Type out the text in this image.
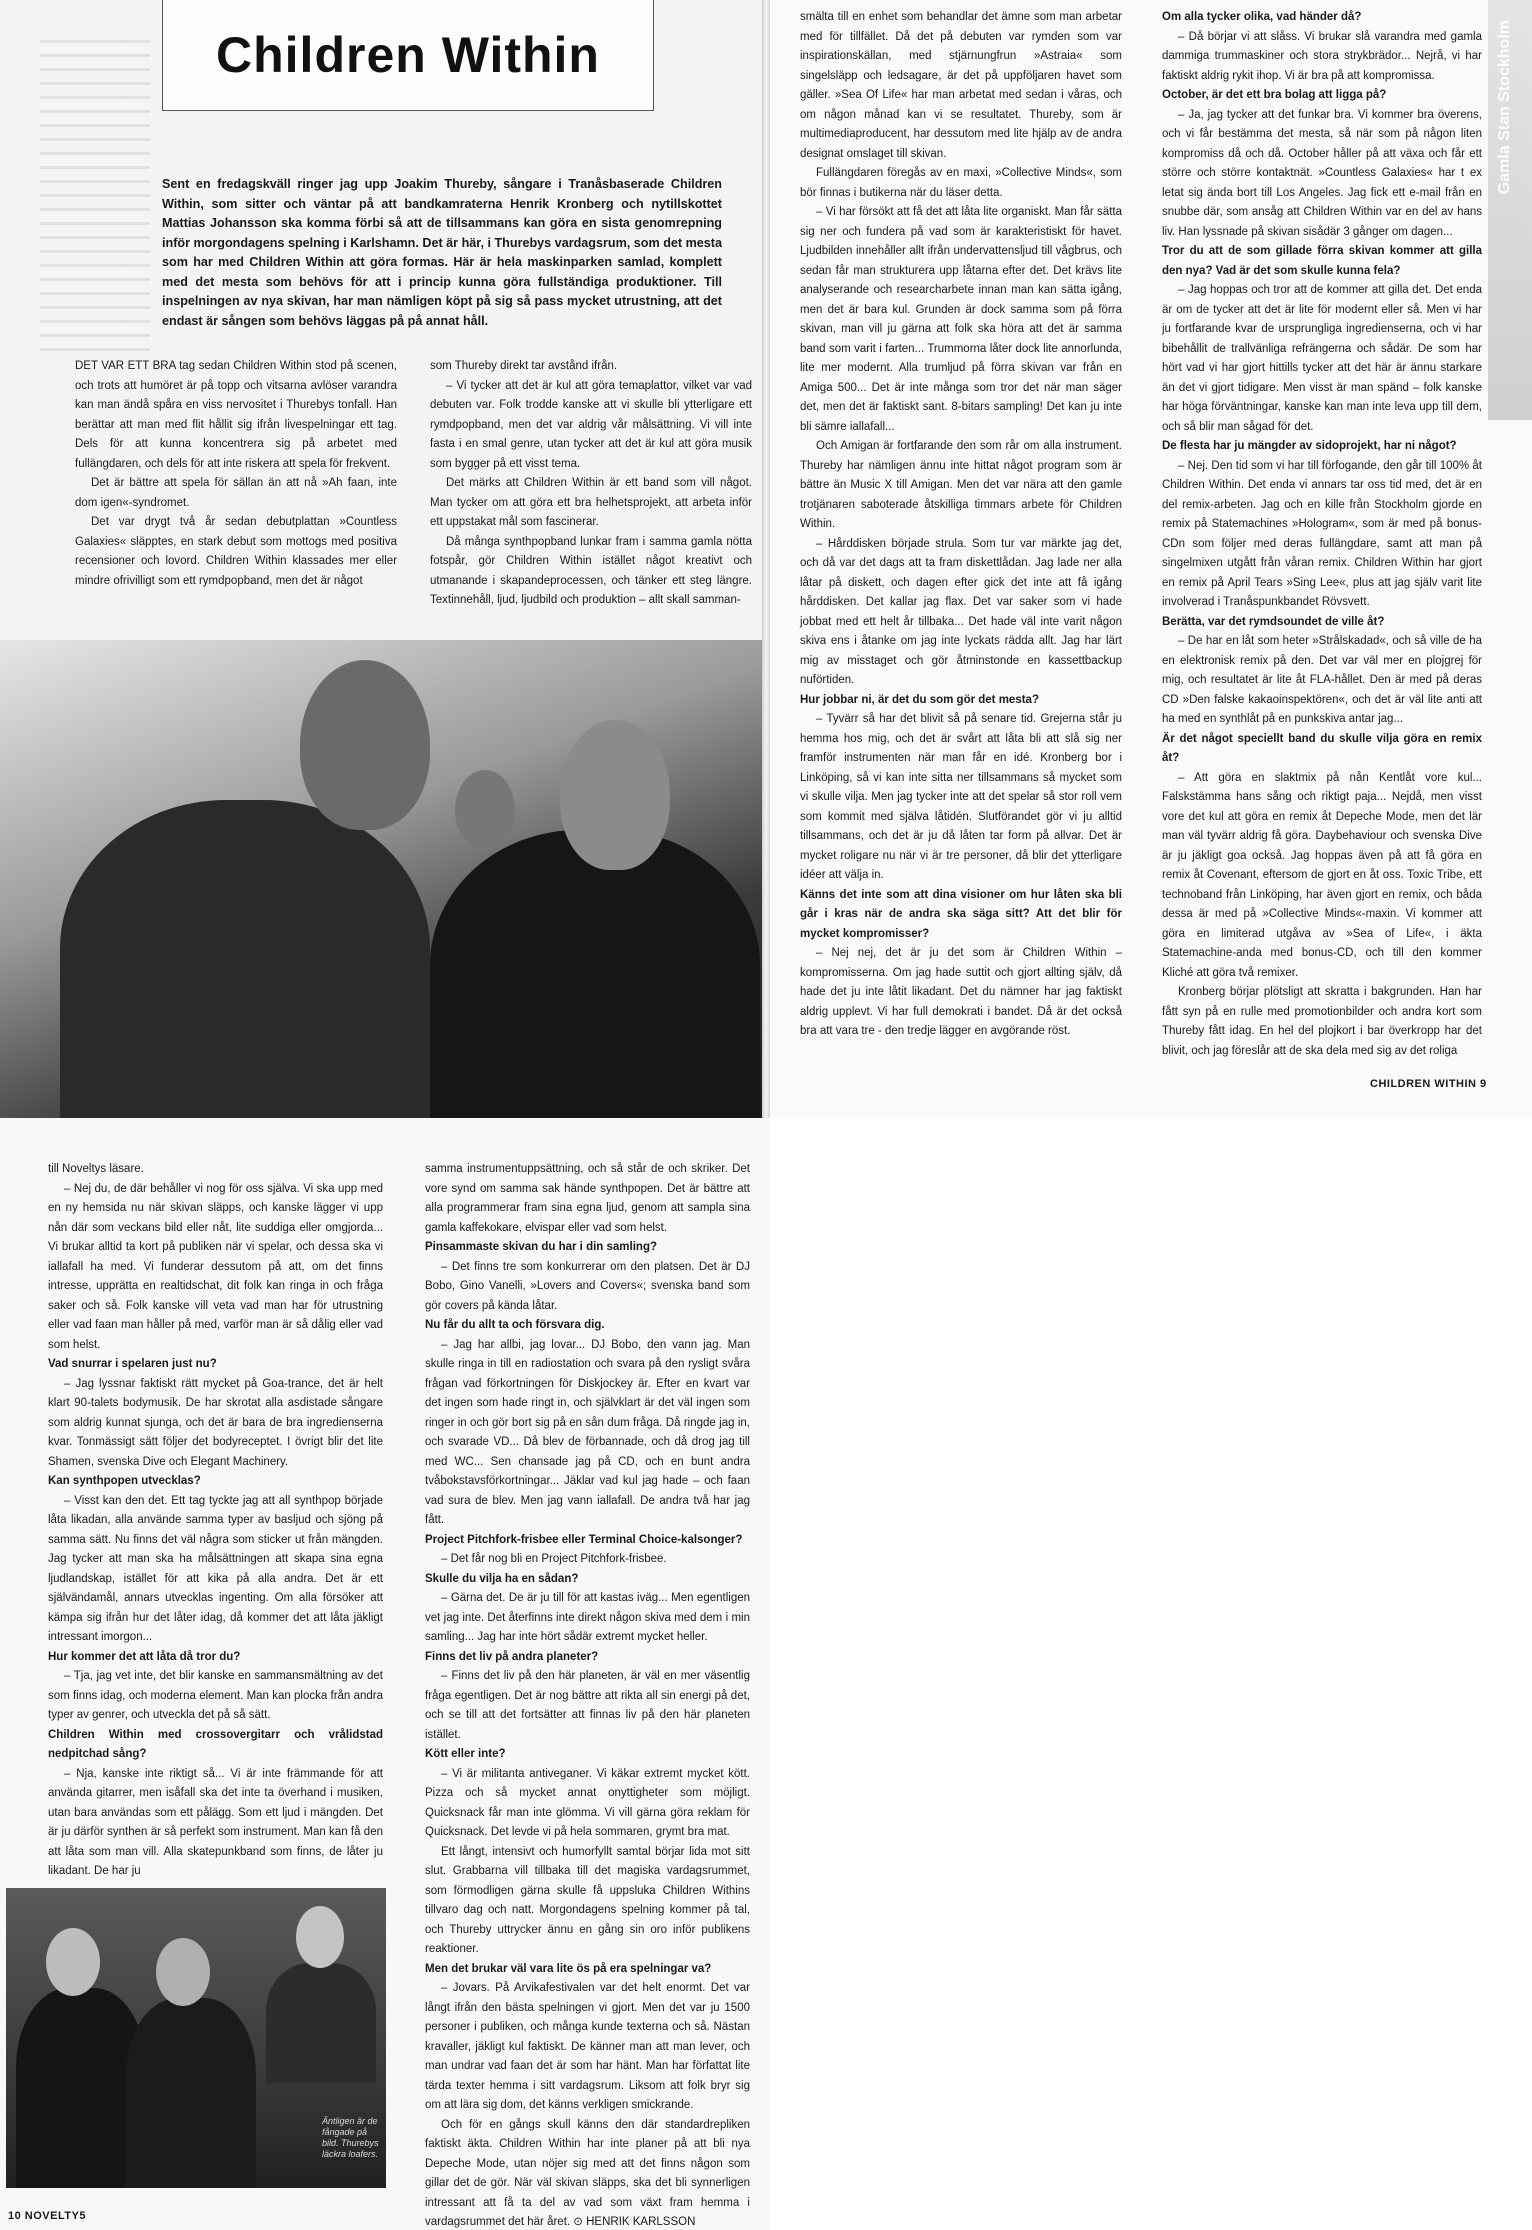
Children Within
Sent en fredagskväll ringer jag upp Joakim Thureby, sångare i Tranåsbaserade Children Within, som sitter och väntar på att bandkamraterna Henrik Kronberg och nytillskottet Mattias Johansson ska komma förbi så att de tillsammans kan göra en sista genomrepning inför morgondagens spelning i Karlshamn. Det är här, i Thurebys vardagsrum, som det mesta som har med Children Within att göra formas. Här är hela maskinparken samlad, komplett med det mesta som behövs för att i princip kunna göra fullständiga produktioner. Till inspelningen av nya skivan, har man nämligen köpt på sig så pass mycket utrustning, att det endast är sången som behövs läggas på på annat håll.

DET VAR ETT BRA tag sedan Children Within stod på scenen, och trots att humöret är på topp och vitsarna avlöser varandra kan man ändå spåra en viss nervositet i Thurebys tonfall. Han berättar att man med flit hållit sig ifrån livespelningar ett tag. Dels för att kunna koncentrera sig på arbetet med fullängdaren, och dels för att inte riskera att spela för frekvent.

Det är bättre att spela för sällan än att nå »Ah faan, inte dom igen«-syndromet.

Det var drygt två år sedan debutplattan »Countless Galaxies« släpptes, en stark debut som mottogs med positiva recensioner och lovord. Children Within klassades mer eller mindre ofrivilligt som ett rymdpopband, men det är något

som Thureby direkt tar avstånd ifrån.

– Vi tycker att det är kul att göra temaplattor, vilket var vad debuten var. Folk trodde kanske att vi skulle bli ytterligare ett rymdpopband, men det var aldrig vår målsättning. Vi vill inte fasta i en smal genre, utan tycker att det är kul att göra musik som bygger på ett visst tema.

Det märks att Children Within är ett band som vill något. Man tycker om att göra ett bra helhetsprojekt, att arbeta inför ett uppstakat mål som fascinerar.

Då många synthpopband lunkar fram i samma gamla nötta fotspår, gör Children Within istället något kreativt och utmanande i skapandeprocessen, och tänker ett steg längre. Textinnehåll, ljud, ljudbild och produktion – allt skall samman-

smälta till en enhet som behandlar det ämne som man arbetar med för tillfället. Då det på debuten var rymden som var inspirationskällan, med stjärnungfrun »Astraia« som singelsläpp och ledsagare, är det på uppföljaren havet som gäller. »Sea Of Life« har man arbetat med sedan i våras, och om någon månad kan vi se resultatet. Thureby, som är multimediaproducent, har dessutom med lite hjälp av de andra designat omslaget till skivan.

Fullängdaren föregås av en maxi, »Collective Minds«, som bör finnas i butikerna när du läser detta.

– Vi har försökt att få det att låta lite organiskt. Man får sätta sig ner och fundera på vad som är karakteristiskt för havet. Ljudbilden innehåller allt ifrån undervattensljud till vågbrus, och sedan får man strukturera upp låtarna efter det. Det krävs lite analyserande och researcharbete innan man kan sätta igång, men det är bara kul. Grunden är dock samma som på förra skivan, man vill ju gärna att folk ska höra att det är samma band som varit i farten... Trummorna låter dock lite annorlunda, lite mer modernt. Alla trumljud på förra skivan var från en Amiga 500... Det är inte många som tror det när man säger det, men det är faktiskt sant. 8-bitars sampling! Det kan ju inte bli sämre iallafall...

Och Amigan är fortfarande den som rår om alla instrument. Thureby har nämligen ännu inte hittat något program som är bättre än Music X till Amigan. Men det var nära att den gamle trotjänaren saboterade åtskilliga timmars arbete för Children Within.

– Hårddisken började strula. Som tur var märkte jag det, och då var det dags att ta fram diskettlådan. Jag lade ner alla låtar på diskett, och dagen efter gick det inte att få igång hårddisken. Det kallar jag flax. Det var saker som vi hade jobbat med ett helt år tillbaka... Det hade väl inte varit någon skiva ens i åtanke om jag inte lyckats rädda allt. Jag har lärt mig av misstaget och gör åtminstonde en kassettbackup nuförtiden.

Hur jobbar ni, är det du som gör det mesta?

– Tyvärr så har det blivit så på senare tid. Grejerna står ju hemma hos mig, och det är svårt att låta bli att slå sig ner framför instrumenten när man får en idé. Kronberg bor i Linköping, så vi kan inte sitta ner tillsammans så mycket som vi skulle vilja. Men jag tycker inte att det spelar så stor roll vem som kommit med själva låtidén. Slutförandet gör vi ju alltid tillsammans, och det är ju då låten tar form på allvar. Det är mycket roligare nu när vi är tre personer, då blir det ytterligare idéer att välja in.

Känns det inte som att dina visioner om hur låten ska bli går i kras när de andra ska säga sitt? Att det blir för mycket kompromisser?

– Nej nej, det är ju det som är Children Within – kompromisserna. Om jag hade suttit och gjort allting själv, då hade det ju inte låtit likadant. Det du nämner har jag faktiskt aldrig upplevt. Vi har full demokrati i bandet. Då är det också bra att vara tre - den tredje lägger en avgörande röst.

Om alla tycker olika, vad händer då?

– Då börjar vi att slåss. Vi brukar slå varandra med gamla dammiga trummaskiner och stora strykbrädor... Nejrå, vi har faktiskt aldrig rykit ihop. Vi är bra på att kompromissa.

October, är det ett bra bolag att ligga på?

– Ja, jag tycker att det funkar bra. Vi kommer bra överens, och vi får bestämma det mesta, så när som på någon liten kompromiss då och då. October håller på att växa och får ett större och större kontaktnät. »Countless Galaxies« har t ex letat sig ända bort till Los Angeles. Jag fick ett e-mail från en snubbe där, som ansåg att Children Within var en del av hans liv. Han lyssnade på skivan sisådär 3 gånger om dagen...

Tror du att de som gillade förra skivan kommer att gilla den nya? Vad är det som skulle kunna fela?

– Jag hoppas och tror att de kommer att gilla det. Det enda är om de tycker att det är lite för modernt eller så. Men vi har ju fortfarande kvar de ursprungliga ingredienserna, och vi har bibehållit de trallvänliga refrängerna och sådär. De som har hört vad vi har gjort hittills tycker att det här är ännu starkare än det vi gjort tidigare. Men visst är man spänd – folk kanske har höga förväntningar, kanske kan man inte leva upp till dem, och så blir man sågad för det.

De flesta har ju mängder av sidoprojekt, har ni något?

– Nej. Den tid som vi har till förfogande, den går till 100% åt Children Within. Det enda vi annars tar oss tid med, det är en del remix-arbeten. Jag och en kille från Stockholm gjorde en remix på Statemachines »Hologram«, som är med på bonus-CDn som följer med deras fullängdare, samt att man på singelmixen utgått från våran remix. Children Within har gjort en remix på April Tears »Sing Lee«, plus att jag själv varit lite involverad i Tranåspunkbandet Rövsvett.

Berätta, var det rymdsoundet de ville åt?

– De har en låt som heter »Strålskadad«, och så ville de ha en elektronisk remix på den. Det var väl mer en plojgrej för mig, och resultatet är lite åt FLA-hållet. Den är med på deras CD »Den falske kakaoinspektören«, och det är väl lite anti att ha med en synthlåt på en punkskiva antar jag...

Är det något speciellt band du skulle vilja göra en remix åt?

– Att göra en slaktmix på nån Kentlåt vore kul... Falskstämma hans sång och riktigt paja... Nejdå, men visst vore det kul att göra en remix åt Depeche Mode, men det lär man väl tyvärr aldrig få göra. Daybehaviour och svenska Dive är ju jäkligt goa också. Jag hoppas även på att få göra en remix åt Covenant, eftersom de gjort en åt oss. Toxic Tribe, ett technoband från Linköping, har även gjort en remix, och båda dessa är med på »Collective Minds«-maxin. Vi kommer att göra en limiterad utgåva av »Sea of Life«, i äkta Statemachine-anda med bonus-CD, och till den kommer Kliché att göra två remixer.

Kronberg börjar plötsligt att skratta i bakgrunden. Han har fått syn på en rulle med promotionbilder och andra kort som Thureby fått idag. En hel del plojkort i bar överkropp har det blivit, och jag föreslår att de ska dela med sig av det roliga

Gamla Stan Stockholm
CHILDREN WITHIN 9

till Noveltys läsare.

– Nej du, de där behåller vi nog för oss själva. Vi ska upp med en ny hemsida nu när skivan släpps, och kanske lägger vi upp nån där som veckans bild eller nåt, lite suddiga eller omgjorda... Vi brukar alltid ta kort på publiken när vi spelar, och dessa ska vi iallafall ha med. Vi funderar dessutom på att, om det finns intresse, upprätta en realtidschat, dit folk kan ringa in och fråga saker och så. Folk kanske vill veta vad man har för utrustning eller vad faan man håller på med, varför man är så dålig eller vad som helst.

Vad snurrar i spelaren just nu?

– Jag lyssnar faktiskt rätt mycket på Goa-trance, det är helt klart 90-talets bodymusik. De har skrotat alla asdistade sångare som aldrig kunnat sjunga, och det är bara de bra ingredienserna kvar. Tonmässigt sätt följer det bodyreceptet. I övrigt blir det lite Shamen, svenska Dive och Elegant Machinery.

Kan synthpopen utvecklas?

– Visst kan den det. Ett tag tyckte jag att all synthpop började låta likadan, alla använde samma typer av basljud och sjöng på samma sätt. Nu finns det väl några som sticker ut från mängden. Jag tycker att man ska ha målsättningen att skapa sina egna ljudlandskap, istället för att kika på alla andra. Det är ett självändamål, annars utvecklas ingenting. Om alla försöker att kämpa sig ifrån hur det låter idag, då kommer det att låta jäkligt intressant imorgon...

Hur kommer det att låta då tror du?

– Tja, jag vet inte, det blir kanske en sammansmältning av det som finns idag, och moderna element. Man kan plocka från andra typer av genrer, och utveckla det på så sätt.

Children Within med crossovergitarr och vrålidstad nedpitchad sång?

– Nja, kanske inte riktigt så... Vi är inte främmande för att använda gitarrer, men isåfall ska det inte ta överhand i musiken, utan bara användas som ett pålägg. Som ett ljud i mängden. Det är ju därför synthen är så perfekt som instrument. Man kan få den att låta som man vill. Alla skatepunkband som finns, de låter ju likadant. De har ju

samma instrumentuppsättning, och så står de och skriker. Det vore synd om samma sak hände synthpopen. Det är bättre att alla programmerar fram sina egna ljud, genom att sampla sina gamla kaffekokare, elvispar eller vad som helst.

Pinsammaste skivan du har i din samling?

– Det finns tre som konkurrerar om den platsen. Det är DJ Bobo, Gino Vanelli, »Lovers and Covers«; svenska band som gör covers på kända låtar.

Nu får du allt ta och försvara dig.

– Jag har allbi, jag lovar... DJ Bobo, den vann jag. Man skulle ringa in till en radiostation och svara på den rysligt svåra frågan vad förkortningen för Diskjockey är. Efter en kvart var det ingen som hade ringt in, och självklart är det väl ingen som ringer in och gör bort sig på en sån dum fråga. Då ringde jag in, och svarade VD... Då blev de förbannade, och då drog jag till med WC... Sen chansade jag på CD, och en bunt andra tvåbokstavsförkortningar... Jäklar vad kul jag hade – och faan vad sura de blev. Men jag vann iallafall. De andra två har jag fått.

Project Pitchfork-frisbee eller Terminal Choice-kalsonger?

– Det får nog bli en Project Pitchfork-frisbee.

Skulle du vilja ha en sådan?

– Gärna det. De är ju till för att kastas iväg... Men egentligen vet jag inte. Det återfinns inte direkt någon skiva med dem i min samling... Jag har inte hört sådär extremt mycket heller.

Finns det liv på andra planeter?

– Finns det liv på den här planeten, är väl en mer väsentlig fråga egentligen. Det är nog bättre att rikta all sin energi på det, och se till att det fortsätter att finnas liv på den här planeten istället.

Kött eller inte?

– Vi är militanta antiveganer. Vi käkar extremt mycket kött. Pizza och så mycket annat onyttigheter som möjligt. Quicksnack får man inte glömma. Vi vill gärna göra reklam för Quicksnack. Det levde vi på hela sommaren, grymt bra mat.

Ett långt, intensivt och humorfyllt samtal börjar lida mot sitt slut. Grabbarna vill tillbaka till det magiska vardagsrummet, som förmodligen gärna skulle få uppsluka Children Withins tillvaro dag och natt. Morgondagens spelning kommer på tal, och Thureby uttrycker ännu en gång sin oro inför publikens reaktioner.

Men det brukar väl vara lite ös på era spelningar va?

– Jovars. På Arvikafestivalen var det helt enormt. Det var långt ifrån den bästa spelningen vi gjort. Men det var ju 1500 personer i publiken, och många kunde texterna och så. Nästan kravaller, jäkligt kul faktiskt. De känner man att man lever, och man undrar vad faan det är som har hänt. Man har författat lite tärda texter hemma i sitt vardagsrum. Liksom att folk bryr sig om att lära sig dom, det känns verkligen smickrande.

Och för en gångs skull känns den där standardrepliken faktiskt äkta. Children Within har inte planer på att bli nya Depeche Mode, utan nöjer sig med att det finns någon som gillar det de gör. När väl skivan släpps, ska det bli synnerligen intressant att få ta del av vad som växt fram hemma i vardagsrummet det här året. ⊙ HENRIK KARLSSON

Äntligen är de fångade på bild. Thurebys läckra loafers.
10 NOVELTY5
